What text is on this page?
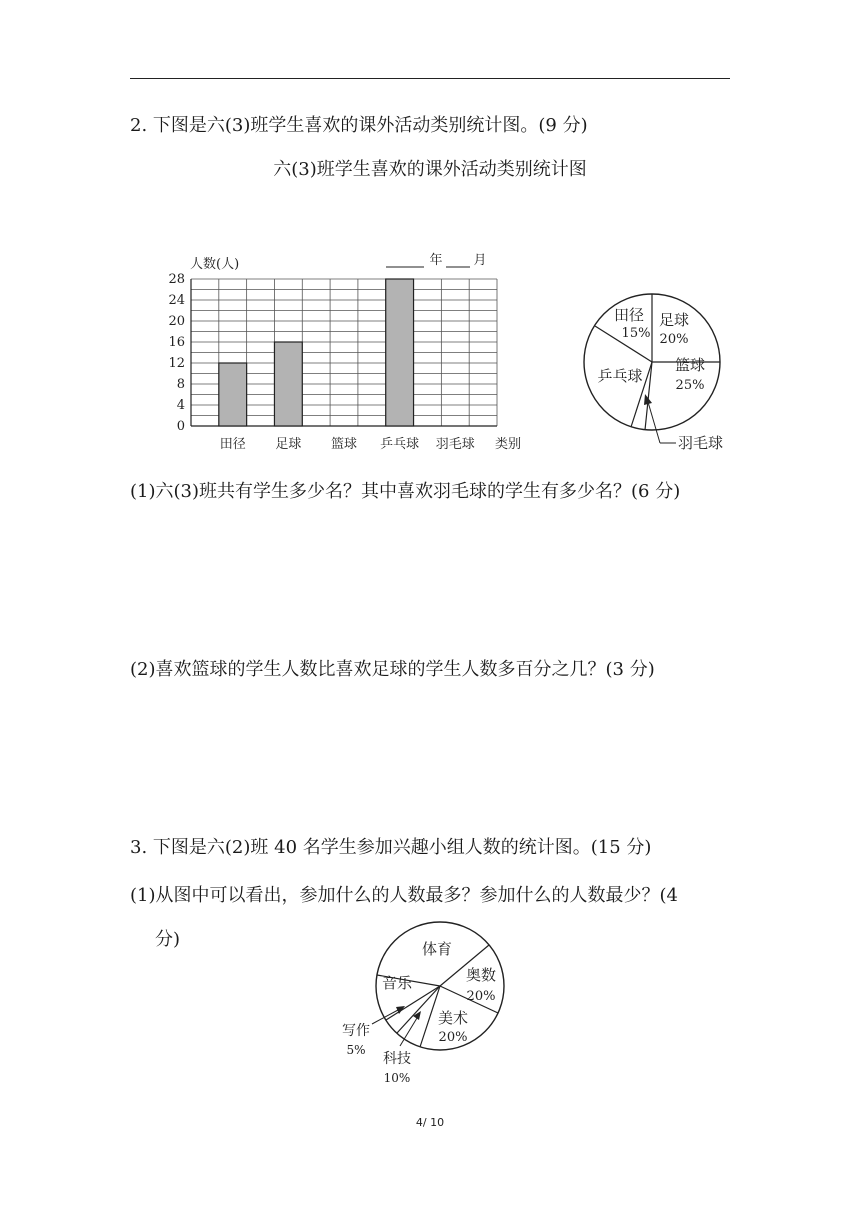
2. 下图是六(3)班学生喜欢的课外活动类别统计图。(9 分)
六(3)班学生喜欢的课外活动类别统计图
0
4
8
12
16
20
24
28
田径 足球 篮球 乒乓球 羽毛球
人数(人)
类别
年 月
田径
15%
足球
20%
篮球
25%
乒乓球
羽毛球
(1)六(3)班共有学生多少名？其中喜欢羽毛球的学生有多少名？(6 分)
(2)喜欢篮球的学生人数比喜欢足球的学生人数多百分之几？(3 分)
3. 下图是六(2)班 40 名学生参加兴趣小组人数的统计图。(15 分)
(1)从图中可以看出，参加什么的人数最多？参加什么的人数最少？(4
分)	体育
奥数
20%
美术
20%
音乐
写作
5%
科技
10%
4/ 10
